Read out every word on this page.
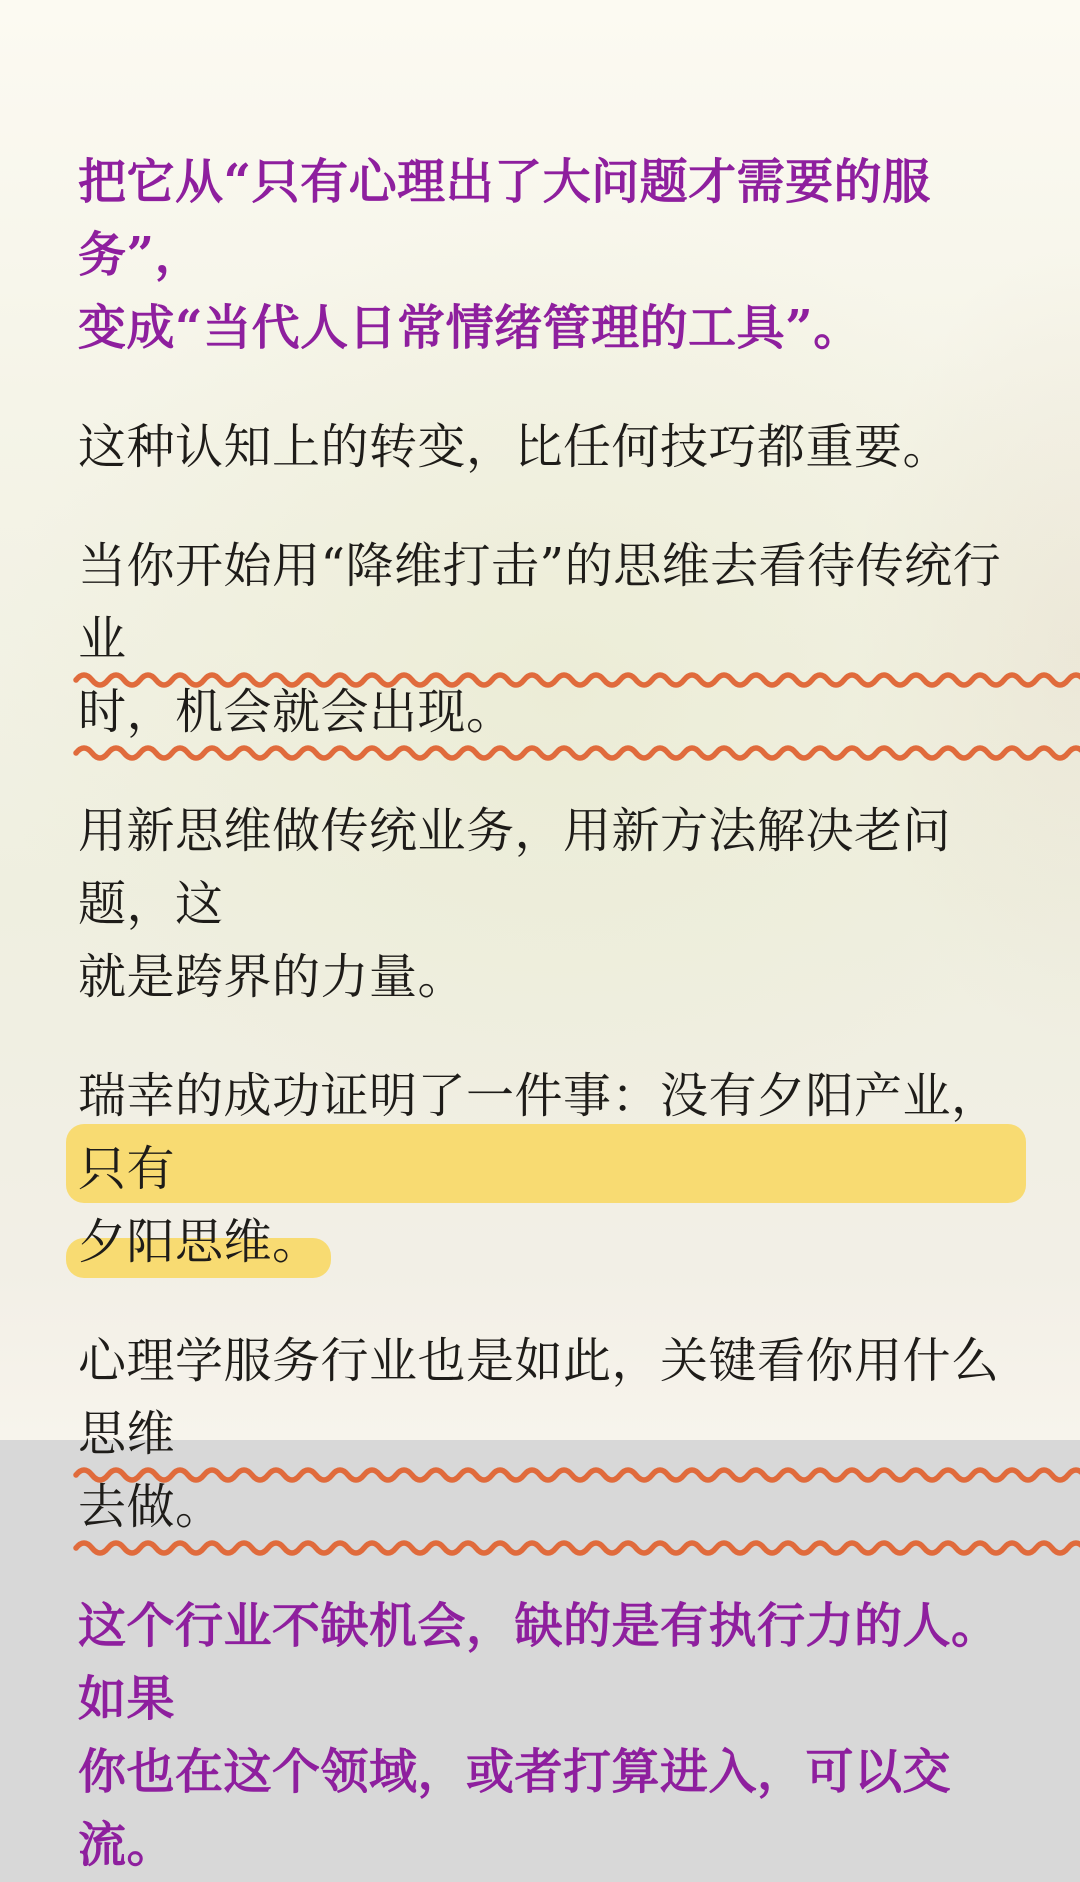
把它从“只有心理出了大问题才需要的服务”，
变成“当代人日常情绪管理的工具”。
这种认知上的转变，比任何技巧都重要。
当你开始用“降维打击”的思维去看待传统行业
时，机会就会出现。
用新思维做传统业务，用新方法解决老问题，这
就是跨界的力量。
瑞幸的成功证明了一件事：没有夕阳产业，只有
夕阳思维。
心理学服务行业也是如此，关键看你用什么思维
去做。
这个行业不缺机会，缺的是有执行力的人。如果
你也在这个领域，或者打算进入，可以交流。
